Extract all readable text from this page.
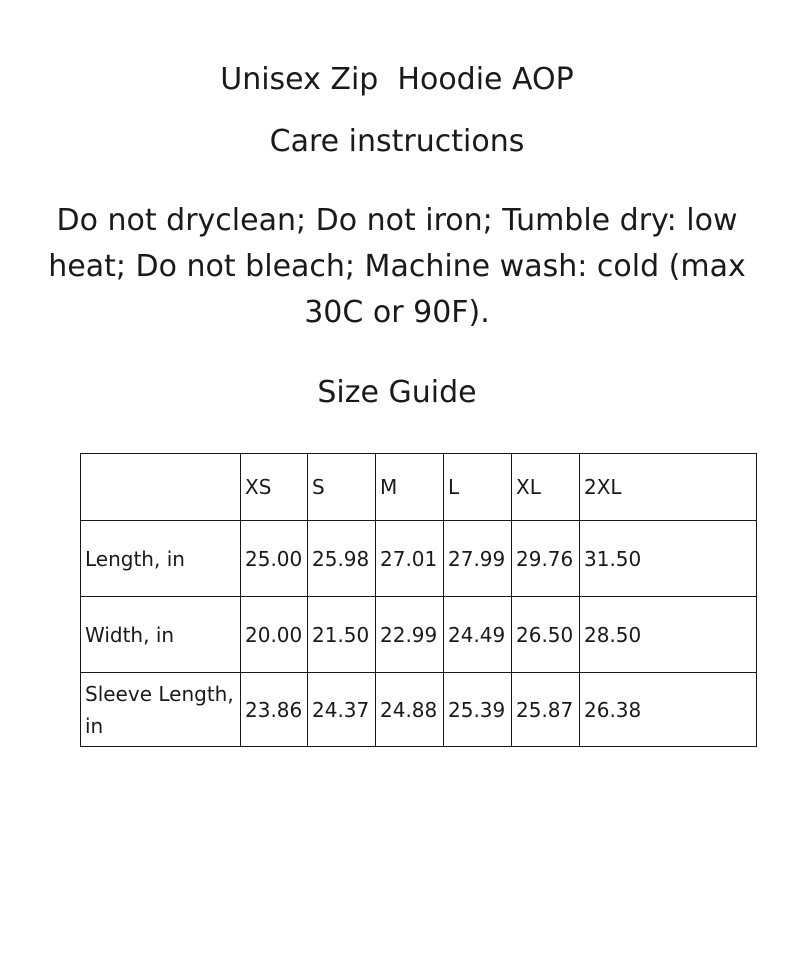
Unisex Zip  Hoodie AOP
Care instructions
Do not dryclean; Do not iron; Tumble dry: low heat; Do not bleach; Machine wash: cold (max 30C or 90F).
Size Guide
	XS	S	M	L	XL	2XL
Length, in	25.00	25.98	27.01	27.99	29.76	31.50
Width, in	20.00	21.50	22.99	24.49	26.50	28.50
Sleeve Length, in	23.86	24.37	24.88	25.39	25.87	26.38
